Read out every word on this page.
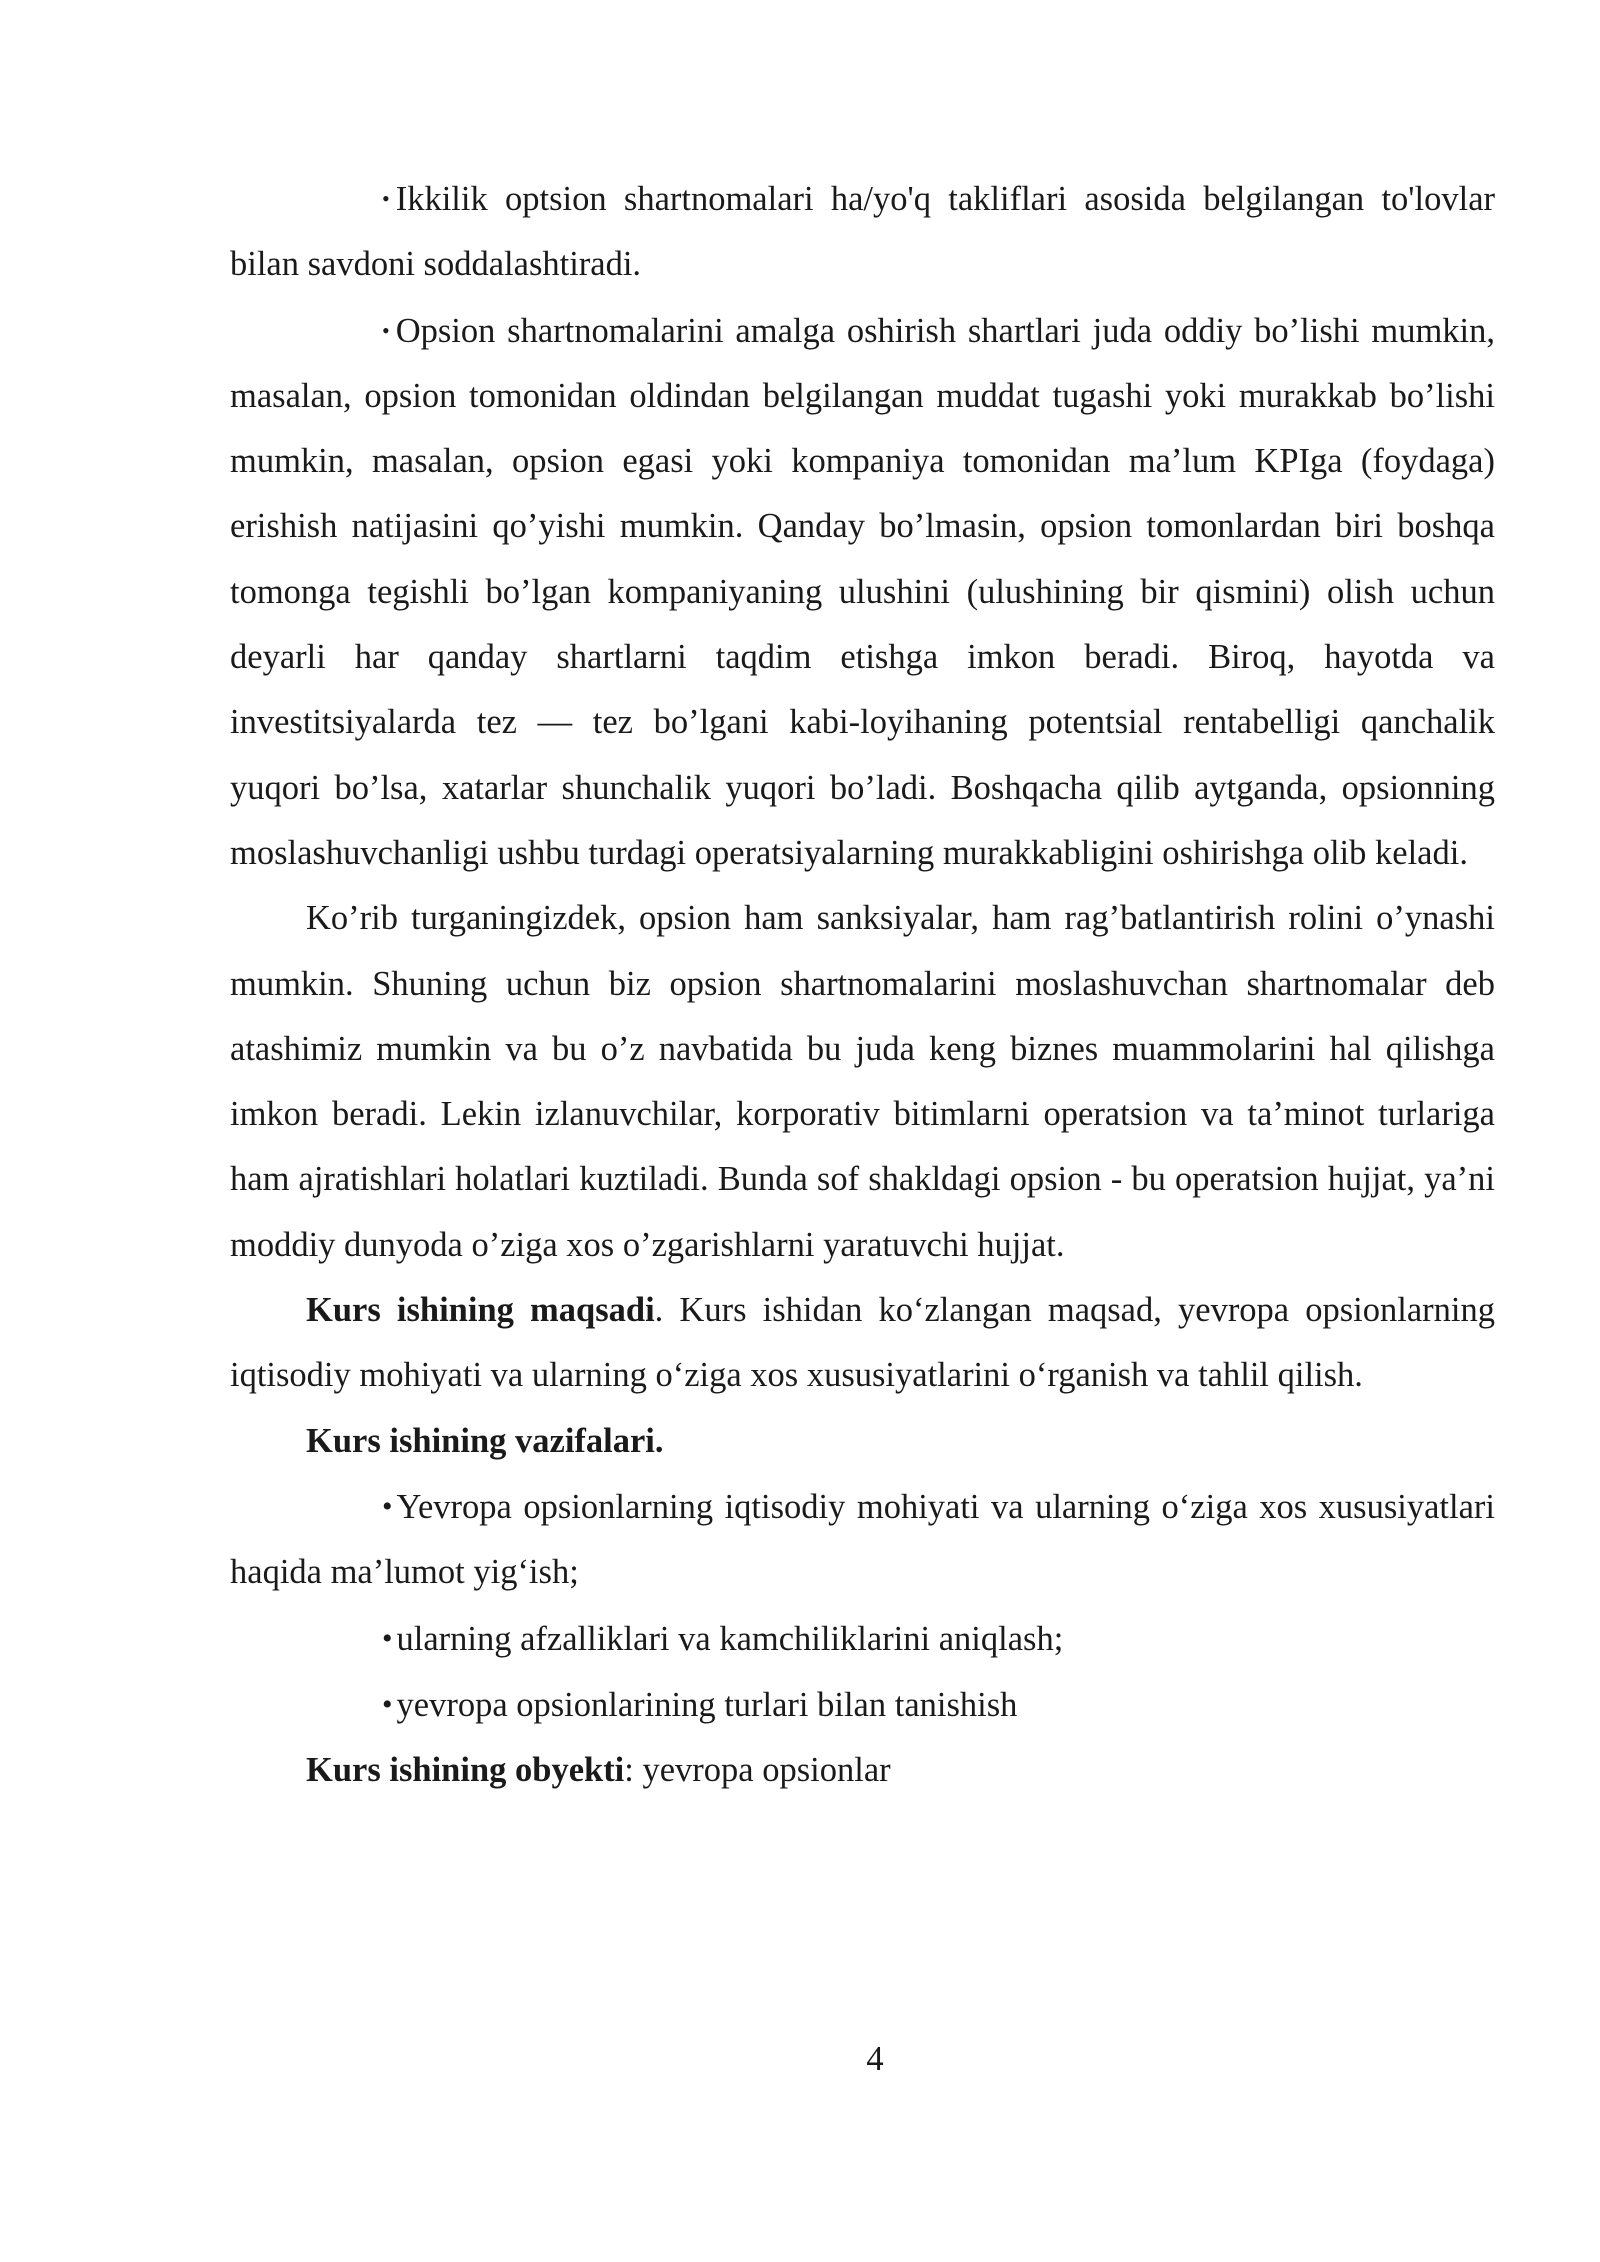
• Ikkilik optsion shartnomalari ha/yo'q takliflari asosida belgilangan to'lovlar bilan savdoni soddalashtiradi.

• Opsion shartnomalarini amalga oshirish shartlari juda oddiy bo’lishi mumkin, masalan, opsion tomonidan oldindan belgilangan muddat tugashi yoki murakkab bo’lishi mumkin, masalan, opsion egasi yoki kompaniya tomonidan ma’lum KPIga (foydaga) erishish natijasini qo’yishi mumkin. Qanday bo’lmasin, opsion tomonlardan biri boshqa tomonga tegishli bo’lgan kompaniyaning ulushini (ulushining bir qismini) olish uchun deyarli har qanday shartlarni taqdim etishga imkon beradi. Biroq, hayotda va investitsiyalarda tez — tez bo’lgani kabi-loyihaning potentsial rentabelligi qanchalik yuqori bo’lsa, xatarlar shunchalik yuqori bo’ladi. Boshqacha qilib aytganda, opsionning moslashuvchanligi ushbu turdagi operatsiyalarning murakkabligini oshirishga olib keladi.

Ko’rib turganingizdek, opsion ham sanksiyalar, ham rag’batlantirish rolini o’ynashi mumkin. Shuning uchun biz opsion shartnomalarini moslashuvchan shartnomalar deb atashimiz mumkin va bu o’z navbatida bu juda keng biznes muammolarini hal qilishga imkon beradi. Lekin izlanuvchilar, korporativ bitimlarni operatsion va ta’minot turlariga ham ajratishlari holatlari kuztiladi. Bunda sof shakldagi opsion - bu operatsion hujjat, ya’ni moddiy dunyoda o’ziga xos o’zgarishlarni yaratuvchi hujjat.

Kurs ishining maqsadi. Kurs ishidan ko‘zlangan maqsad, yevropa opsionlarning iqtisodiy mohiyati va ularning o‘ziga xos xususiyatlarini o‘rganish va tahlil qilish.

Kurs ishining vazifalari.

• Yevropa opsionlarning iqtisodiy mohiyati va ularning o‘ziga xos xususiyatlari haqida ma’lumot yig‘ish;

• ularning afzalliklari va kamchiliklarini aniqlash;

• yevropa opsionlarining turlari bilan tanishish

Kurs ishining obyekti: yevropa opsionlar

4
